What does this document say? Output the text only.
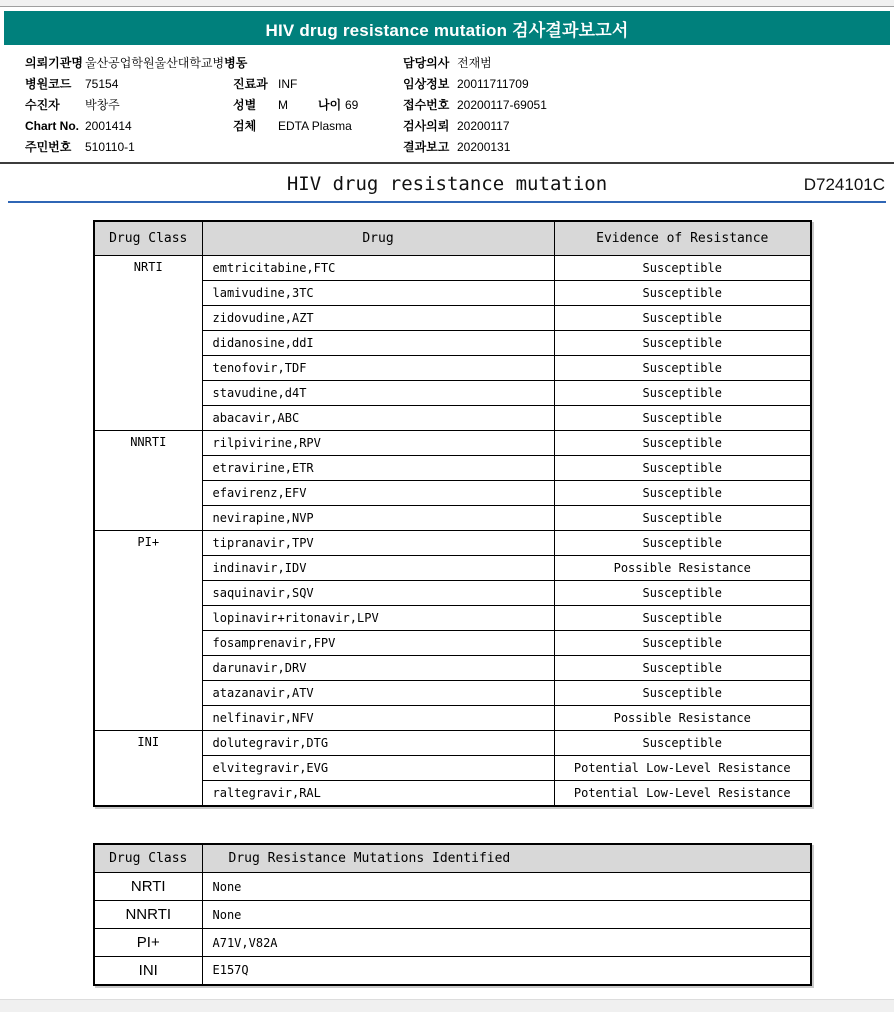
HIV drug resistance mutation 검사결과보고서
의뢰기관명 울산공업학원울산대학교병병동
병원코드	75154
수진자	박창주
Chart No. 2001414
주민번호	510110-1
진료과 INF
성별	M	나이 69
검체	EDTA Plasma
담당의사 전재범
임상정보 20011711709
접수번호 20200117-69051
검사의뢰 20200117
결과보고 20200131
HIV drug resistance mutation	D724101C
Drug Class	Drug	Evidence of Resistance
NRTI	emtricitabine,FTC	Susceptible
	lamivudine,3TC	Susceptible
	zidovudine,AZT	Susceptible
	didanosine,ddI	Susceptible
	tenofovir,TDF	Susceptible
	stavudine,d4T	Susceptible
	abacavir,ABC	Susceptible
NNRTI	rilpivirine,RPV	Susceptible
	etravirine,ETR	Susceptible
	efavirenz,EFV	Susceptible
	nevirapine,NVP	Susceptible
PI+	tipranavir,TPV	Susceptible
	indinavir,IDV	Possible Resistance
	saquinavir,SQV	Susceptible
	lopinavir+ritonavir,LPV	Susceptible
	fosamprenavir,FPV	Susceptible
	darunavir,DRV	Susceptible
	atazanavir,ATV	Susceptible
	nelfinavir,NFV	Possible Resistance
INI	dolutegravir,DTG	Susceptible
	elvitegravir,EVG	Potential Low-Level Resistance
	raltegravir,RAL	Potential Low-Level Resistance
Drug Class	Drug Resistance Mutations Identified
NRTI	None
NNRTI	None
PI+	A71V,V82A
INI	E157Q
